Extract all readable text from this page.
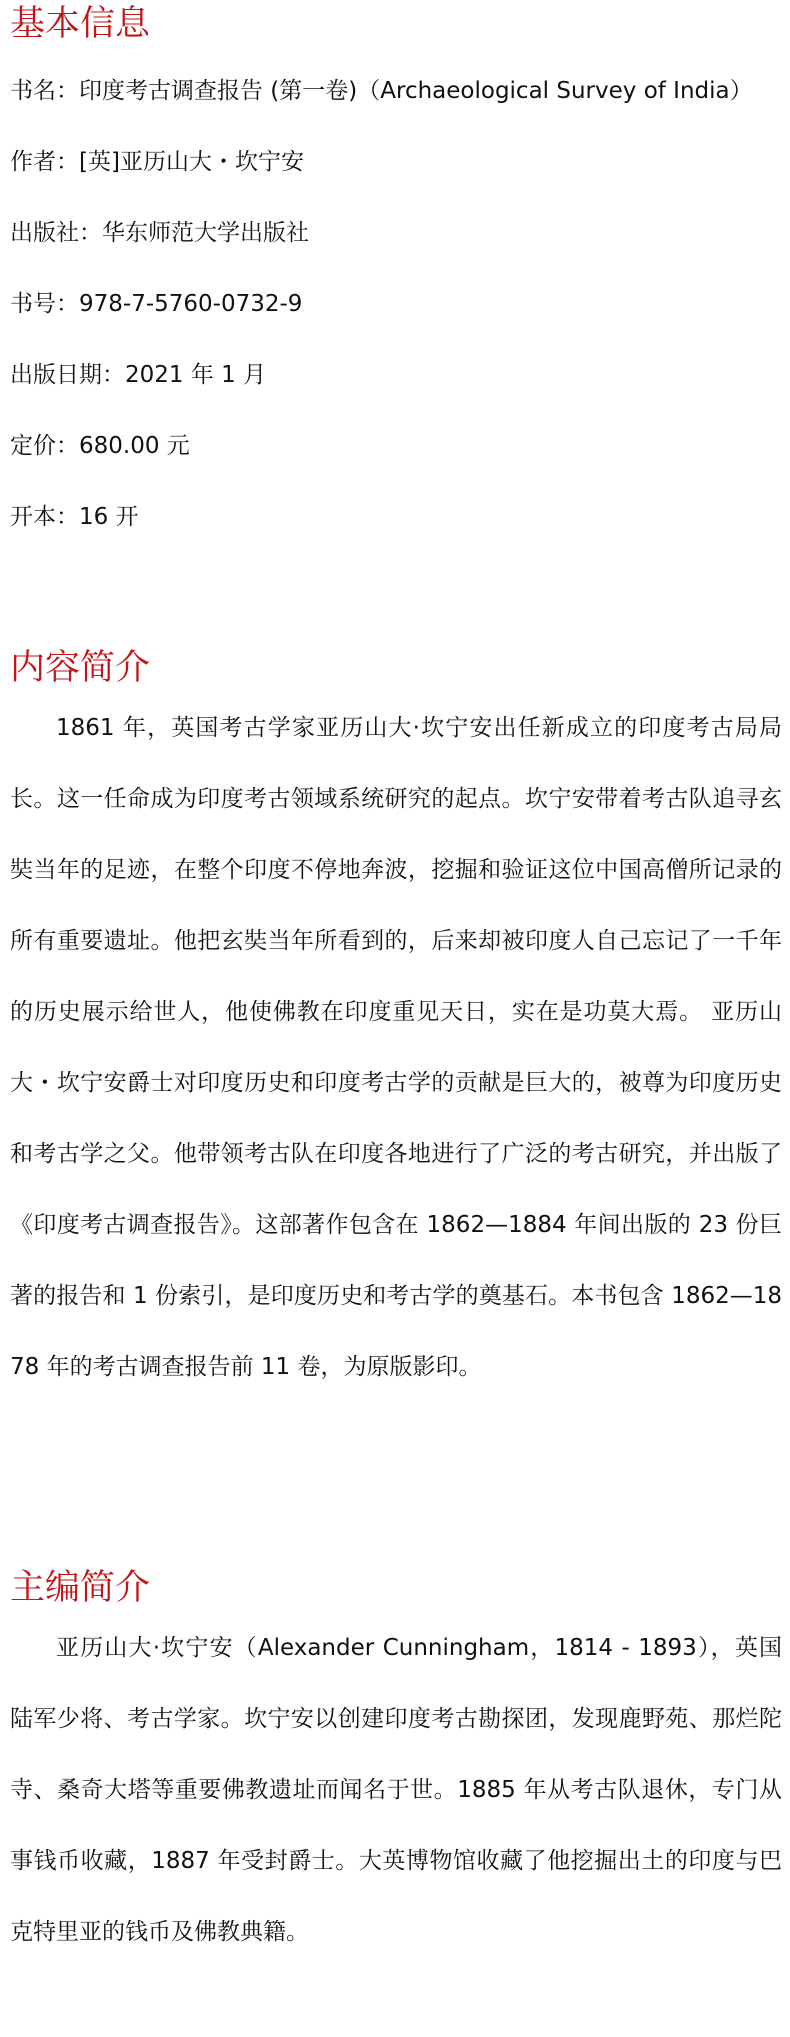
基本信息
书名：印度考古调查报告 (第一卷)（Archaeological Survey of India）
作者：[英]亚历山大・坎宁安
出版社：华东师范大学出版社
书号：978-7-5760-0732-9
出版日期：2021 年 1 月
定价：680.00 元
开本：16 开
内容简介

1861 年，英国考古学家亚历山大·坎宁安出任新成立的印度考古局局长。这一任命成为印度考古领域系统研究的起点。坎宁安带着考古队追寻玄奘当年的足迹，在整个印度不停地奔波，挖掘和验证这位中国高僧所记录的所有重要遗址。他把玄奘当年所看到的，后来却被印度人自己忘记了一千年的历史展示给世人，他使佛教在印度重见天日，实在是功莫大焉。 亚历山大・坎宁安爵士对印度历史和印度考古学的贡献是巨大的，被尊为印度历史和考古学之父。他带领考古队在印度各地进行了广泛的考古研究，并出版了《印度考古调查报告》。这部著作包含在 1862—1884 年间出版的 23 份巨著的报告和 1 份索引，是印度历史和考古学的奠基石。本书包含 1862—1878 年的考古调查报告前 11 卷，为原版影印。

主编简介

亚历山大·坎宁安（Alexander Cunningham，1814 - 1893），英国陆军少将、考古学家。坎宁安以创建印度考古勘探团，发现鹿野苑、那烂陀寺、桑奇大塔等重要佛教遗址而闻名于世。1885 年从考古队退休，专门从事钱币收藏，1887 年受封爵士。大英博物馆收藏了他挖掘出土的印度与巴克特里亚的钱币及佛教典籍。
